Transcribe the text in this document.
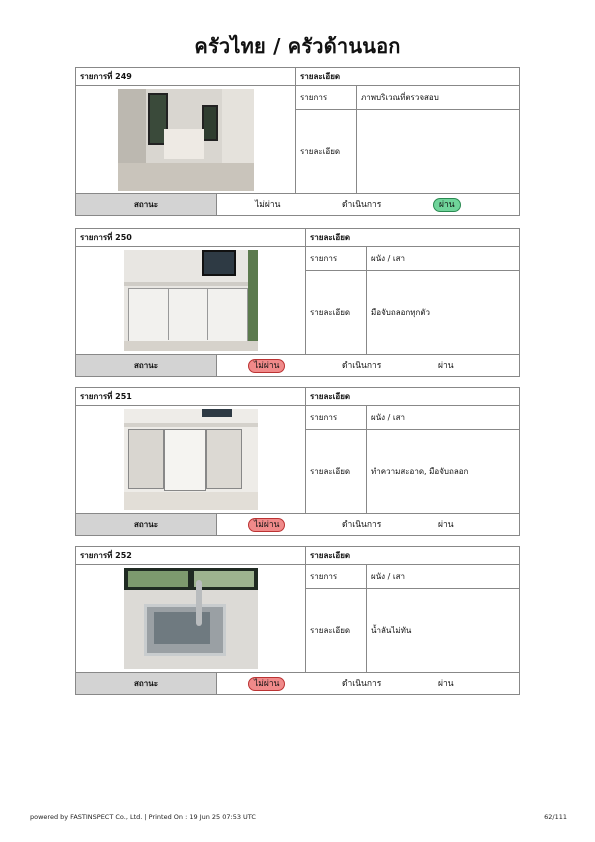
ครัวไทย / ครัวด้านนอก
รายการที่ 249	รายละเอียด
รายการ	ภาพบริเวณที่ตรวจสอบ
รายละเอียด
สถานะ	ไม่ผ่าน	ดำเนินการ	ผ่าน
รายการที่ 250	รายละเอียด
รายการ	ผนัง / เสา
รายละเอียด	มือจับถลอกทุกตัว
สถานะ	ไม่ผ่าน	ดำเนินการ	ผ่าน
รายการที่ 251	รายละเอียด
รายการ	ผนัง / เสา
รายละเอียด	ทำความสะอาด, มือจับถลอก
สถานะ	ไม่ผ่าน	ดำเนินการ	ผ่าน
รายการที่ 252	รายละเอียด
รายการ	ผนัง / เสา
รายละเอียด	น้ำลันไม่ทัน
สถานะ	ไม่ผ่าน	ดำเนินการ	ผ่าน
powered by FASTINSPECT Co., Ltd. | Printed On : 19 Jun 25 07:53 UTC	62/111
